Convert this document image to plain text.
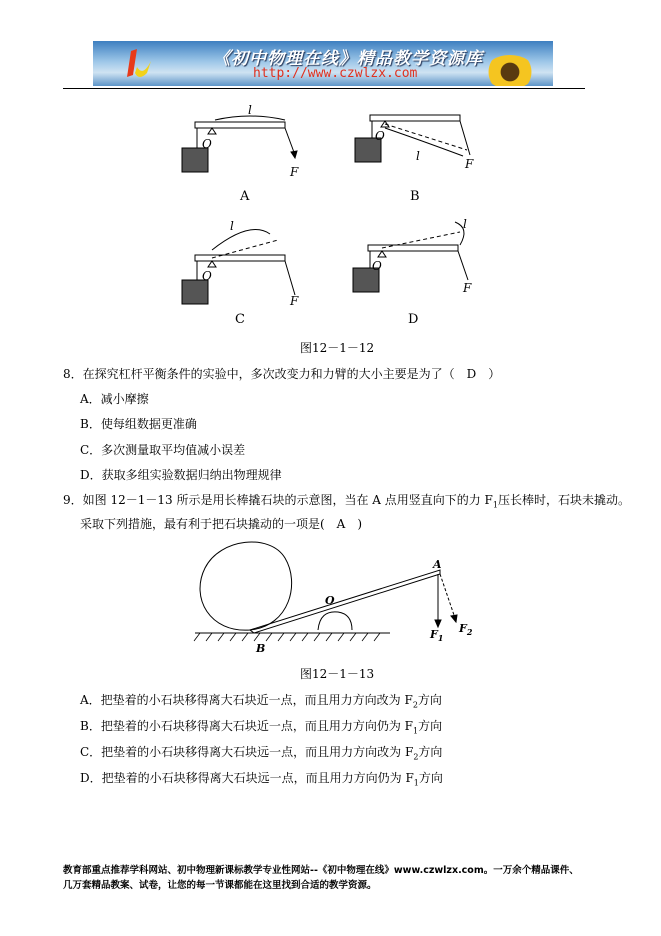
《初中物理在线》精品教学资源库
http://www.czwlzx.com
O
O
O
O
l
l
l	l
F
F
F
F
A	B
C	D
图12－1－12
8．在探究杠杆平衡条件的实验中，多次改变力和力臂的大小主要是为了（　D　）
A．减小摩擦
B．使每组数据更准确
C．多次测量取平均值减小误差
D．获取多组实验数据归纳出物理规律
9．如图 12－1－13 所示是用长棒撬石块的示意图，当在 A 点用竖直向下的力 $F_1$压长棒时，石块未撬动。
采取下列措施，最有利于把石块撬动的一项是(　A　)
A
B
O
$F_1$
$F_2$
图12－1－13
A．把垫着的小石块移得离大石块近一点，而且用力方向改为 $F_2$方向
B．把垫着的小石块移得离大石块近一点，而且用力方向仍为 $F_1$方向
C．把垫着的小石块移得离大石块远一点，而且用力方向改为 $F_2$方向
D．把垫着的小石块移得离大石块远一点，而且用力方向仍为 $F_1$方向
教育部重点推荐学科网站、初中物理新课标教学专业性网站--《初中物理在线》www.czwlzx.com。一万余个精品课件、
几万套精品教案、试卷，让您的每一节课都能在这里找到合适的教学资源。
